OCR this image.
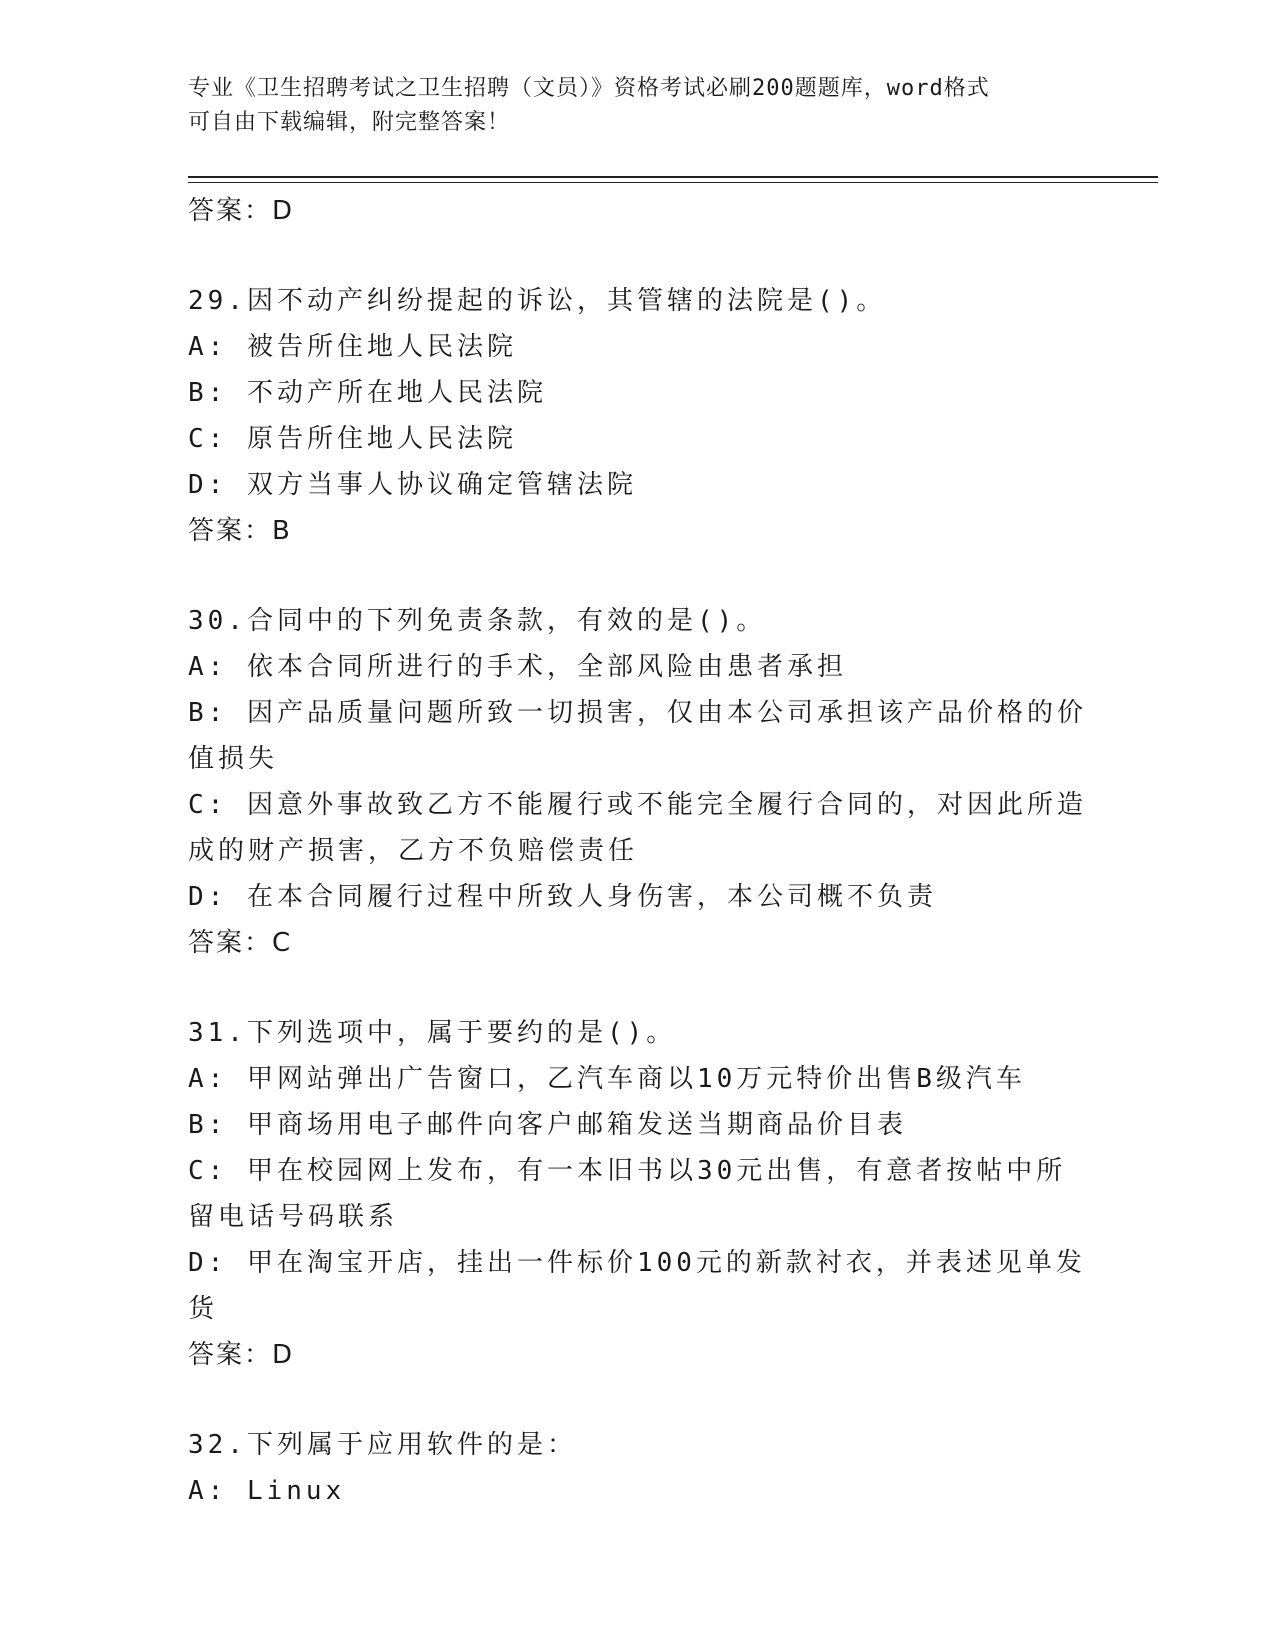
专业《卫生招聘考试之卫生招聘（文员）》资格考试必刷200题题库，word格式
可自由下载编辑，附完整答案！

答案：D

29.因不动产纠纷提起的诉讼，其管辖的法院是()。

A: 被告所住地人民法院

B: 不动产所在地人民法院

C: 原告所住地人民法院

D: 双方当事人协议确定管辖法院

答案：B

30.合同中的下列免责条款，有效的是()。

A: 依本合同所进行的手术，全部风险由患者承担

B: 因产品质量问题所致一切损害，仅由本公司承担该产品价格的价值损失

C: 因意外事故致乙方不能履行或不能完全履行合同的，对因此所造成的财产损害，乙方不负赔偿责任

D: 在本合同履行过程中所致人身伤害，本公司概不负责

答案：C

31.下列选项中，属于要约的是()。

A: 甲网站弹出广告窗口，乙汽车商以10万元特价出售B级汽车

B: 甲商场用电子邮件向客户邮箱发送当期商品价目表

C: 甲在校园网上发布，有一本旧书以30元出售，有意者按帖中所留电话号码联系

D: 甲在淘宝开店，挂出一件标价100元的新款衬衣，并表述见单发货

答案：D

32.下列属于应用软件的是：

A: Linux
